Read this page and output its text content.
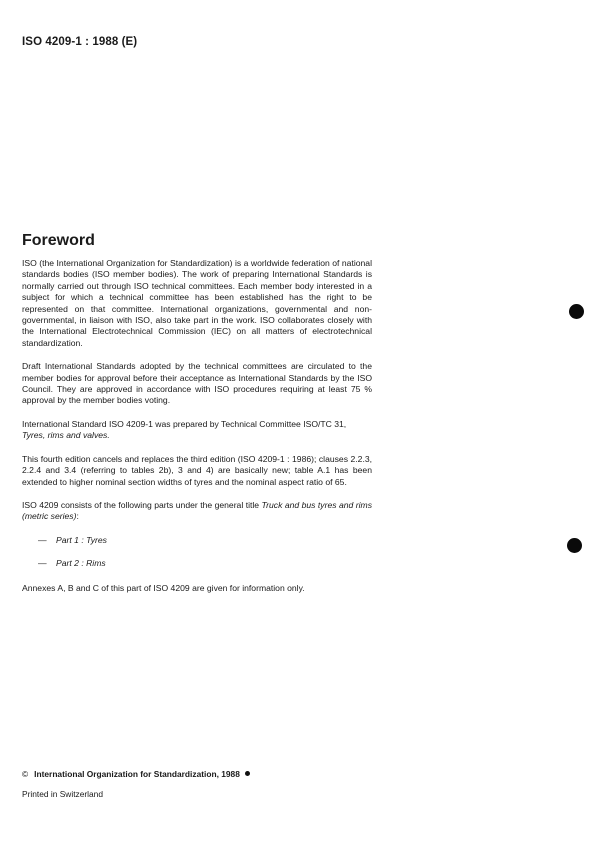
ISO 4209-1 : 1988 (E)
Foreword

ISO (the International Organization for Standardization) is a worldwide federation of national standards bodies (ISO member bodies). The work of preparing International Standards is normally carried out through ISO technical committees. Each member body interested in a subject for which a technical committee has been established has the right to be represented on that committee. International organizations, governmental and non-governmental, in liaison with ISO, also take part in the work. ISO collaborates closely with the International Electrotechnical Commission (IEC) on all matters of electrotechnical standardization.

Draft International Standards adopted by the technical committees are circulated to the member bodies for approval before their acceptance as International Standards by the ISO Council. They are approved in accordance with ISO procedures requiring at least 75 % approval by the member bodies voting.

International Standard ISO 4209-1 was prepared by Technical Committee ISO/TC 31,
Tyres, rims and valves.

This fourth edition cancels and replaces the third edition (ISO 4209-1 : 1986); clauses 2.2.3, 2.2.4 and 3.4 (referring to tables 2b), 3 and 4) are basically new; table A.1 has been extended to higher nominal section widths of tyres and the nominal aspect ratio of 65.

ISO 4209 consists of the following parts under the general title Truck and bus tyres and rims (metric series):

— Part 1 : Tyres
— Part 2 : Rims

Annexes A, B and C of this part of ISO 4209 are given for information only.

© International Organization for Standardization, 1988
Printed in Switzerland
